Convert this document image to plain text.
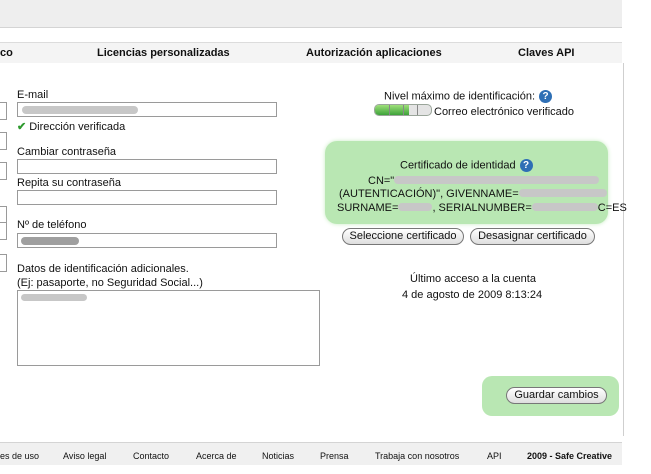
co	Licencias personalizadas	Autorización aplicaciones	Claves API
E-mail
✔ Dirección verificada
Cambiar contraseña
Repita su contraseña
Nº de teléfono
Datos de identificación adicionales.
(Ej: pasaporte, no Seguridad Social...)
Nivel máximo de identificación: ?
Correo electrónico verificado
Certificado de identidad ?
CN="
(AUTENTICACIÓN)", GIVENNAME=
SURNAME=	, SERIALNUMBER=	C=ES
Seleccione certificado	Desasignar certificado
Último acceso a la cuenta
4 de agosto de 2009 8:13:24
Guardar cambios
es de uso	Aviso legal	Contacto	Acerca de	Noticias	Prensa	Trabaja con nosotros	API	2009 - Safe Creative
